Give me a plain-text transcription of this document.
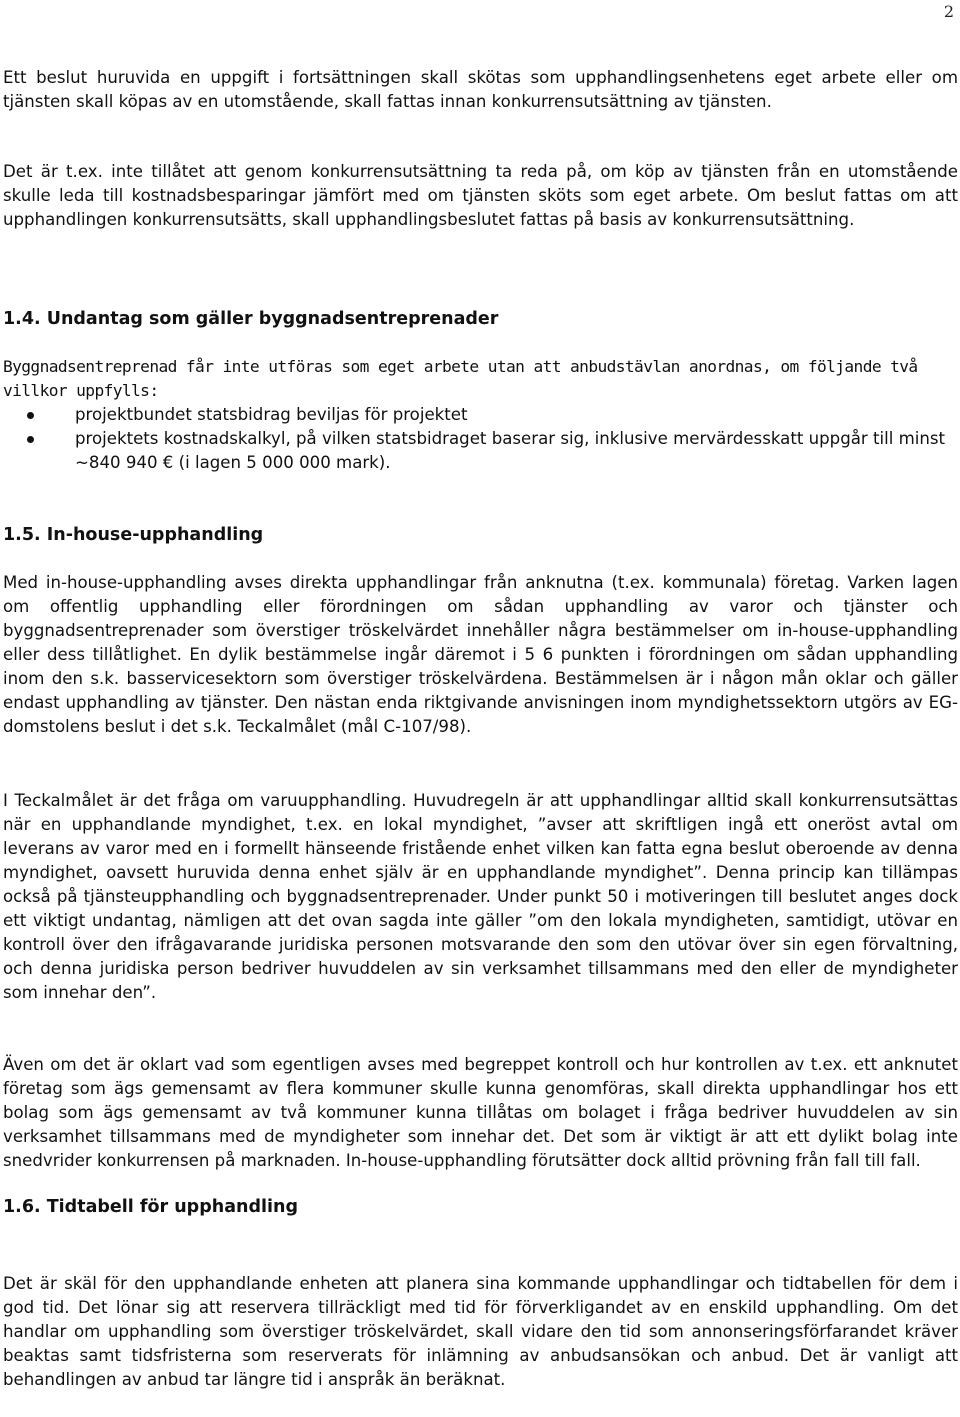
2

Ett beslut huruvida en uppgift i fortsättningen skall skötas som upphandlingsenhetens eget arbete eller om tjänsten skall köpas av en utomstående, skall fattas innan konkurrensutsättning av tjänsten.

Det är t.ex. inte tillåtet att genom konkurrensutsättning ta reda på, om köp av tjänsten från en utomstående skulle leda till kostnadsbesparingar jämfört med om tjänsten sköts som eget arbete. Om beslut fattas om att upphandlingen konkurrensutsätts, skall upphandlingsbeslutet fattas på basis av konkurrensutsättning.

1.4. Undantag som gäller byggnadsentreprenader

Byggnadsentreprenad får inte utföras som eget arbete utan att anbudstävlan anordnas, om följande två villkor uppfylls:

projektbundet statsbidrag beviljas för projektet
projektets kostnadskalkyl, på vilken statsbidraget baserar sig, inklusive mervärdesskatt uppgår till minst ~840 940 € (i lagen 5 000 000 mark).
1.5. In-house-upphandling

Med in-house-upphandling avses direkta upphandlingar från anknutna (t.ex. kommunala) företag. Varken lagen om offentlig upphandling eller förordningen om sådan upphandling av varor och tjänster och byggnadsentreprenader som överstiger tröskelvärdet innehåller några bestämmelser om in-house-upphandling eller dess tillåtlighet. En dylik bestämmelse ingår däremot i 5 6 punkten i förordningen om sådan upphandling inom den s.k. basservicesektorn som överstiger tröskelvärdena. Bestämmelsen är i någon mån oklar och gäller endast upphandling av tjänster. Den nästan enda riktgivande anvisningen inom myndighetssektorn utgörs av EG-domstolens beslut i det s.k. Teckalmålet (mål C-107/98).

I Teckalmålet är det fråga om varuupphandling. Huvudregeln är att upphandlingar alltid skall konkurrensutsättas när en upphandlande myndighet, t.ex. en lokal myndighet, ”avser att skriftligen ingå ett oneröst avtal om leverans av varor med en i formellt hänseende fristående enhet vilken kan fatta egna beslut oberoende av denna myndighet, oavsett huruvida denna enhet själv är en upphandlande myndighet”. Denna princip kan tillämpas också på tjänsteupphandling och byggnadsentreprenader. Under punkt 50 i motiveringen till beslutet anges dock ett viktigt undantag, nämligen att det ovan sagda inte gäller ”om den lokala myndigheten, samtidigt, utövar en kontroll över den ifrågavarande juridiska personen motsvarande den som den utövar över sin egen förvaltning, och denna juridiska person bedriver huvuddelen av sin verksamhet tillsammans med den eller de myndigheter som innehar den”.

Även om det är oklart vad som egentligen avses med begreppet kontroll och hur kontrollen av t.ex. ett anknutet företag som ägs gemensamt av flera kommuner skulle kunna genomföras, skall direkta upphandlingar hos ett bolag som ägs gemensamt av två kommuner kunna tillåtas om bolaget i fråga bedriver huvuddelen av sin verksamhet tillsammans med de myndigheter som innehar det. Det som är viktigt är att ett dylikt bolag inte snedvrider konkurrensen på marknaden. In-house-upphandling förutsätter dock alltid prövning från fall till fall.

1.6. Tidtabell för upphandling

Det är skäl för den upphandlande enheten att planera sina kommande upphandlingar och tidtabellen för dem i god tid. Det lönar sig att reservera tillräckligt med tid för förverkligandet av en enskild upphandling. Om det handlar om upphandling som överstiger tröskelvärdet, skall vidare den tid som annonseringsförfarandet kräver beaktas samt tidsfristerna som reserverats för inlämning av anbudsansökan och anbud. Det är vanligt att behandlingen av anbud tar längre tid i anspråk än beräknat.
